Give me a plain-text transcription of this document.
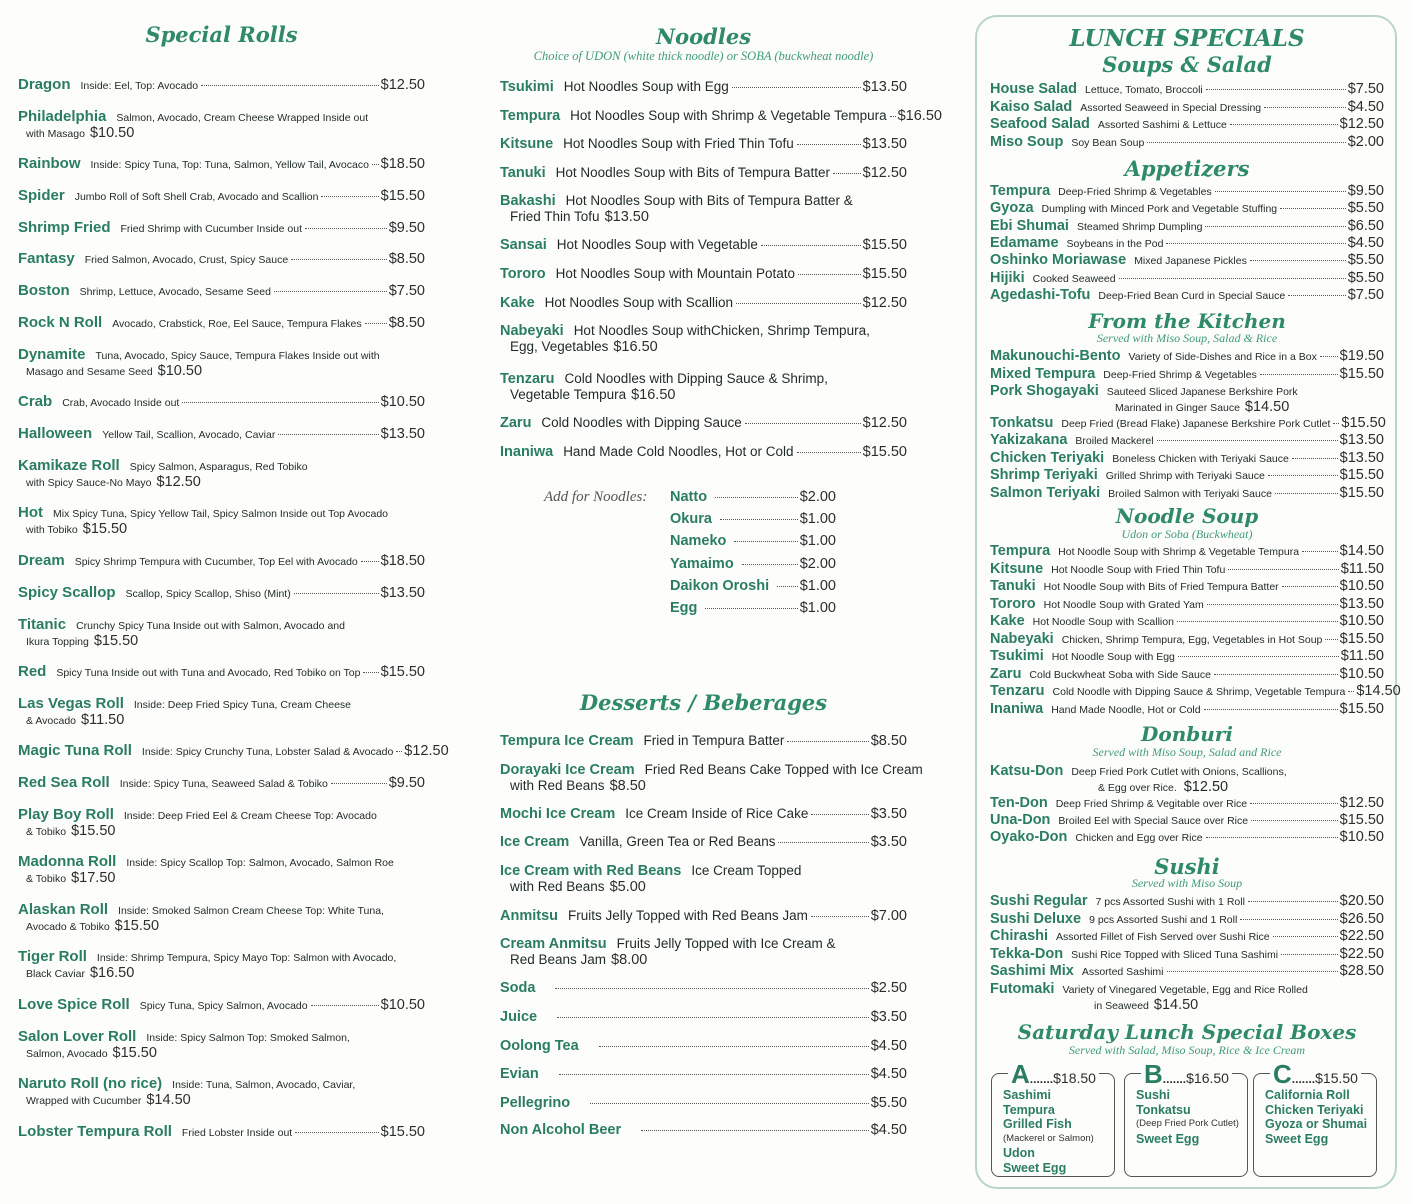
Special Rolls
Dragon Inside: Eel, Top: Avocado	$12.50
Philadelphia Salmon, Avocado, Cream Cheese Wrapped Inside out
with Masago $10.50
Rainbow Inside: Spicy Tuna, Top: Tuna, Salmon, Yellow Tail, Avocaco $18.50
Spider Jumbo Roll of Soft Shell Crab, Avocado and Scallion	$15.50
Shrimp Fried Fried Shrimp with Cucumber Inside out	$9.50
Fantasy Fried Salmon, Avocado, Crust, Spicy Sauce	$8.50
Boston Shrimp, Lettuce, Avocado, Sesame Seed	$7.50
Rock N Roll Avocado, Crabstick, Roe, Eel Sauce, Tempura Flakes $8.50
Dynamite Tuna, Avocado, Spicy Sauce, Tempura Flakes Inside out with
Masago and Sesame Seed $10.50
Crab Crab, Avocado Inside out	$10.50
Halloween Yellow Tail, Scallion, Avocado, Caviar	$13.50
Kamikaze Roll Spicy Salmon, Asparagus, Red Tobiko
with Spicy Sauce-No Mayo $12.50
Hot Mix Spicy Tuna, Spicy Yellow Tail, Spicy Salmon Inside out Top Avocado
with Tobiko $15.50
Dream Spicy Shrimp Tempura with Cucumber, Top Eel with Avocado $18.50
Spicy Scallop Scallop, Spicy Scallop, Shiso (Mint)	$13.50
Titanic Crunchy Spicy Tuna Inside out with Salmon, Avocado and
Ikura Topping $15.50
Red Spicy Tuna Inside out with Tuna and Avocado, Red Tobiko on Top $15.50
Las Vegas Roll Inside: Deep Fried Spicy Tuna, Cream Cheese
& Avocado $11.50
Magic Tuna Roll Inside: Spicy Crunchy Tuna, Lobster Salad & Avocado $12.50
Red Sea Roll Inside: Spicy Tuna, Seaweed Salad & Tobiko	$9.50
Play Boy Roll Inside: Deep Fried Eel & Cream Cheese Top: Avocado
& Tobiko $15.50
Madonna Roll Inside: Spicy Scallop Top: Salmon, Avocado, Salmon Roe
& Tobiko $17.50
Alaskan Roll Inside: Smoked Salmon Cream Cheese Top: White Tuna,
Avocado & Tobiko $15.50
Tiger Roll Inside: Shrimp Tempura, Spicy Mayo Top: Salmon with Avocado,
Black Caviar $16.50
Love Spice Roll Spicy Tuna, Spicy Salmon, Avocado	$10.50
Salon Lover Roll Inside: Spicy Salmon Top: Smoked Salmon,
Salmon, Avocado $15.50
Naruto Roll (no rice) Inside: Tuna, Salmon, Avocado, Caviar,
Wrapped with Cucumber $14.50
Lobster Tempura Roll Fried Lobster Inside out	$15.50
Noodles
Choice of UDON (white thick noodle) or SOBA (buckwheat noodle)
Tsukimi Hot Noodles Soup with Egg	$13.50
Tempura Hot Noodles Soup with Shrimp & Vegetable Tempura $16.50
Kitsune Hot Noodles Soup with Fried Thin Tofu	$13.50
Tanuki Hot Noodles Soup with Bits of Tempura Batter $12.50
Bakashi Hot Noodles Soup with Bits of Tempura Batter &
Fried Thin Tofu $13.50
Sansai Hot Noodles Soup with Vegetable	$15.50
Tororo Hot Noodles Soup with Mountain Potato	$15.50
Kake Hot Noodles Soup with Scallion	$12.50
Nabeyaki Hot Noodles Soup withChicken, Shrimp Tempura,
Egg, Vegetables $16.50
Tenzaru Cold Noodles with Dipping Sauce & Shrimp,
Vegetable Tempura $16.50
Zaru Cold Noodles with Dipping Sauce	$12.50
Inaniwa Hand Made Cold Noodles, Hot or Cold	$15.50
Add for Noodles: Natto	$2.00
Okura	$1.00
Nameko	$1.00
Yamaimo	$2.00
Daikon Oroshi $1.00
Egg	$1.00
Desserts / Beberages
Tempura Ice Cream Fried in Tempura Batter	$8.50
Dorayaki Ice Cream Fried Red Beans Cake Topped with Ice Cream
with Red Beans $8.50
Mochi Ice Cream Ice Cream Inside of Rice Cake	$3.50
Ice Cream Vanilla, Green Tea or Red Beans	$3.50
Ice Cream with Red Beans Ice Cream Topped
with Red Beans $5.00
Anmitsu Fruits Jelly Topped with Red Beans Jam	$7.00
Cream Anmitsu Fruits Jelly Topped with Ice Cream &
Red Beans Jam $8.00
Soda	$2.50
Juice	$3.50
Oolong Tea	$4.50
Evian	$4.50
Pellegrino	$5.50
Non Alcohol Beer	$4.50
LUNCH SPECIALS
Soups & Salad
House Salad Lettuce, Tomato, Broccoli	$7.50
Kaiso Salad Assorted Seaweed in Special Dressing	$4.50
Seafood Salad Assorted Sashimi & Lettuce	$12.50
Miso Soup Soy Bean Soup	$2.00
Appetizers
Tempura Deep-Fried Shrimp & Vegetables	$9.50
Gyoza Dumpling with Minced Pork and Vegetable Stuffing	$5.50
Ebi Shumai Steamed Shrimp Dumpling	$6.50
Edamame Soybeans in the Pod	$4.50
Oshinko Moriawase Mixed Japanese Pickles	$5.50
Hijiki Cooked Seaweed	$5.50
Agedashi-Tofu Deep-Fried Bean Curd in Special Sauce	$7.50
From the Kitchen
Served with Miso Soup, Salad & Rice
Makunouchi-Bento Variety of Side-Dishes and Rice in a Box $19.50
Mixed Tempura Deep-Fried Shrimp & Vegetables	$15.50
Pork Shogayaki Sauteed Sliced Japanese Berkshire Pork
Marinated in Ginger Sauce $14.50
Tonkatsu Deep Fried (Bread Flake) Japanese Berkshire Pork Cutlet $15.50
Yakizakana Broiled Mackerel	$13.50
Chicken Teriyaki Boneless Chicken with Teriyaki Sauce	$13.50
Shrimp Teriyaki Grilled Shrimp with Teriyaki Sauce	$15.50
Salmon Teriyaki Broiled Salmon with Teriyaki Sauce	$15.50
Noodle Soup
Udon or Soba (Buckwheat)
Tempura Hot Noodle Soup with Shrimp & Vegetable Tempura	$14.50
Kitsune Hot Noodle Soup with Fried Thin Tofu	$11.50
Tanuki Hot Noodle Soup with Bits of Fried Tempura Batter	$10.50
Tororo Hot Noodle Soup with Grated Yam	$13.50
Kake Hot Noodle Soup with Scallion	$10.50
Nabeyaki Chicken, Shrimp Tempura, Egg, Vegetables in Hot Soup $15.50
Tsukimi Hot Noodle Soup with Egg	$11.50
Zaru Cold Buckwheat Soba with Side Sauce	$10.50
Tenzaru Cold Noodle with Dipping Sauce & Shrimp, Vegetable Tempura $14.50
Inaniwa Hand Made Noodle, Hot or Cold	$15.50
Donburi
Served with Miso Soup, Salad and Rice
Katsu-Don Deep Fried Pork Cutlet with Onions, Scallions,
& Egg over Rice. $12.50
Ten-Don Deep Fried Shrimp & Vegitable over Rice	$12.50
Una-Don Broiled Eel with Special Sauce over Rice	$15.50
Oyako-Don Chicken and Egg over Rice	$10.50
Sushi
Served with Miso Soup
Sushi Regular 7 pcs Assorted Sushi with 1 Roll	$20.50
Sushi Deluxe 9 pcs Assorted Sushi and 1 Roll	$26.50
Chirashi Assorted Fillet of Fish Served over Sushi Rice	$22.50
Tekka-Don Sushi Rice Topped with Sliced Tuna Sashimi	$22.50
Sashimi Mix Assorted Sashimi	$28.50
Futomaki Variety of Vinegared Vegetable, Egg and Rice Rolled
in Seaweed $14.50
Saturday Lunch Special Boxes
Served with Salad, Miso Soup, Rice & Ice Cream
A.......$18.50
Sashimi
Tempura
Grilled Fish
(Mackerel or Salmon)
Udon
Sweet Egg
B.......$16.50
Sushi
Tonkatsu
(Deep Fried Pork Cutlet)
Sweet Egg
C.......$15.50
California Roll
Chicken Teriyaki
Gyoza or Shumai
Sweet Egg
